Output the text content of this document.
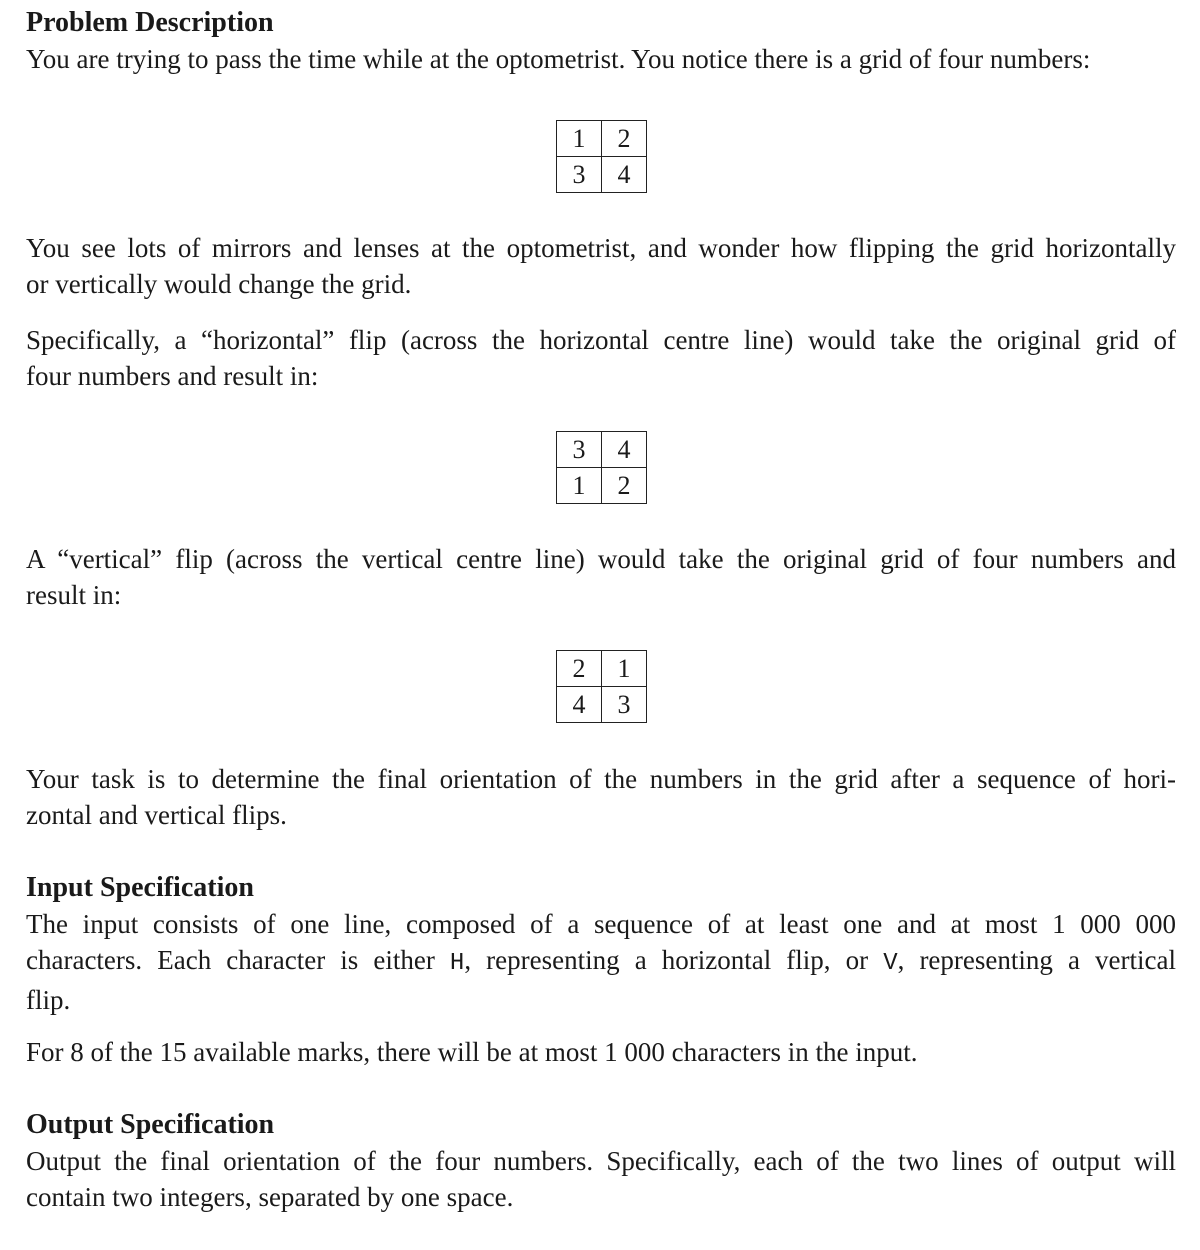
Problem Description
You are trying to pass the time while at the optometrist. You notice there is a grid of four numbers:
1	2
3	4
You see lots of mirrors and lenses at the optometrist, and wonder how flipping the grid horizontally
or vertically would change the grid.
Specifically, a “horizontal” flip (across the horizontal centre line) would take the original grid of
four numbers and result in:
3	4
1	2
A “vertical” flip (across the vertical centre line) would take the original grid of four numbers and
result in:
2	1
4	3
Your task is to determine the final orientation of the numbers in the grid after a sequence of hori-
zontal and vertical flips.
Input Specification
The input consists of one line, composed of a sequence of at least one and at most 1 000 000
characters. Each character is either H, representing a horizontal flip, or V, representing a vertical
flip.
For 8 of the 15 available marks, there will be at most 1 000 characters in the input.
Output Specification
Output the final orientation of the four numbers. Specifically, each of the two lines of output will
contain two integers, separated by one space.
